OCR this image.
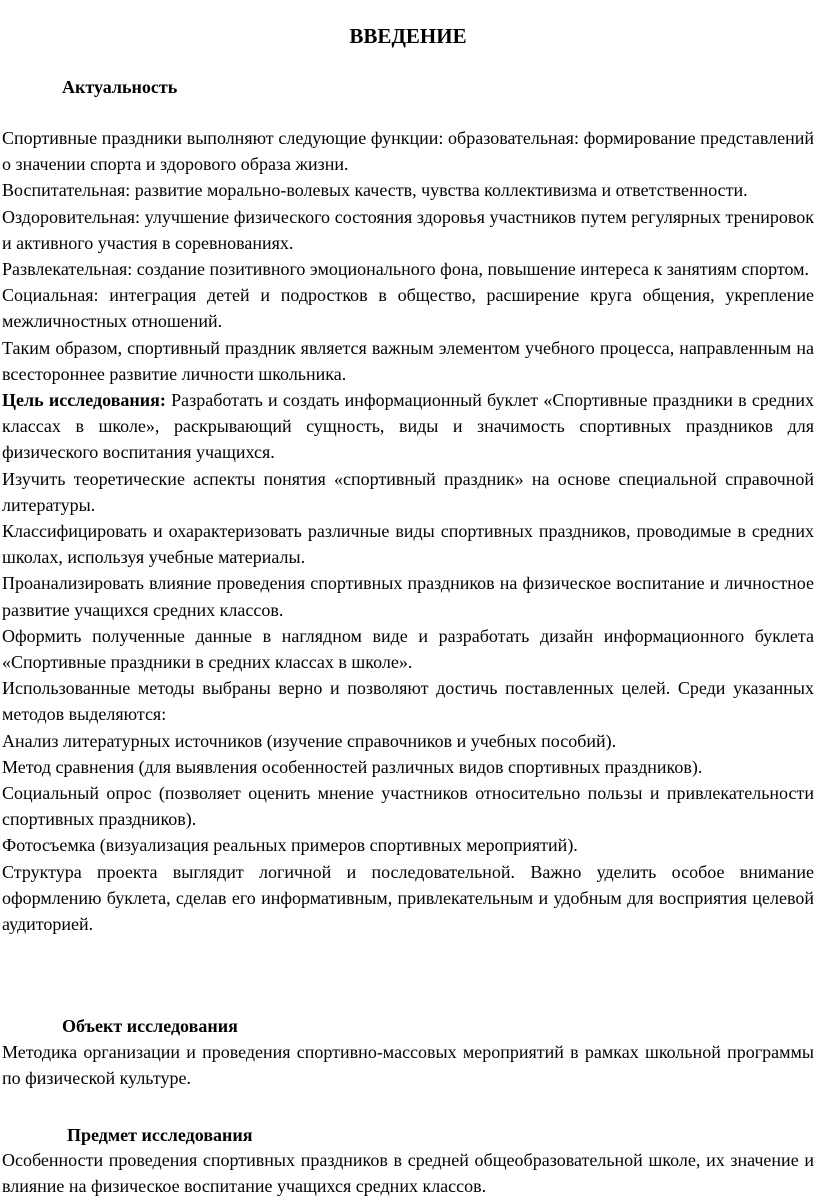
ВВЕДЕНИЕ
Актуальность

Спортивные праздники выполняют следующие функции: образовательная: формирование представлений о значении спорта и здорового образа жизни.

Воспитательная: развитие морально-волевых качеств, чувства коллективизма и ответственности.

Оздоровительная: улучшение физического состояния здоровья участников путем регулярных тренировок и активного участия в соревнованиях.

Развлекательная: создание позитивного эмоционального фона, повышение интереса к занятиям спортом.

Социальная: интеграция детей и подростков в общество, расширение круга общения, укрепление межличностных отношений.

Таким образом, спортивный праздник является важным элементом учебного процесса, направленным на всестороннее развитие личности школьника.

Цель исследования: Разработать и создать информационный буклет «Спортивные праздники в средних классах в школе», раскрывающий сущность, виды и значимость спортивных праздников для физического воспитания учащихся.

Изучить теоретические аспекты понятия «спортивный праздник» на основе специальной справочной литературы.

Классифицировать и охарактеризовать различные виды спортивных праздников, проводимые в средних школах, используя учебные материалы.

Проанализировать влияние проведения спортивных праздников на физическое воспитание и личностное развитие учащихся средних классов.

Оформить полученные данные в наглядном виде и разработать дизайн информационного буклета «Спортивные праздники в средних классах в школе».

Использованные методы выбраны верно и позволяют достичь поставленных целей. Среди указанных методов выделяются:

Анализ литературных источников (изучение справочников и учебных пособий).

Метод сравнения (для выявления особенностей различных видов спортивных праздников).

Социальный опрос (позволяет оценить мнение участников относительно пользы и привлекательности спортивных праздников).

Фотосъемка (визуализация реальных примеров спортивных мероприятий).

Структура проекта выглядит логичной и последовательной. Важно уделить особое внимание оформлению буклета, сделав его информативным, привлекательным и удобным для восприятия целевой аудиторией.

Объект исследования

Методика организации и проведения спортивно-массовых мероприятий в рамках школьной программы по физической культуре.

Предмет исследования

Особенности проведения спортивных праздников в средней общеобразовательной школе, их значение и влияние на физическое воспитание учащихся средних классов.
